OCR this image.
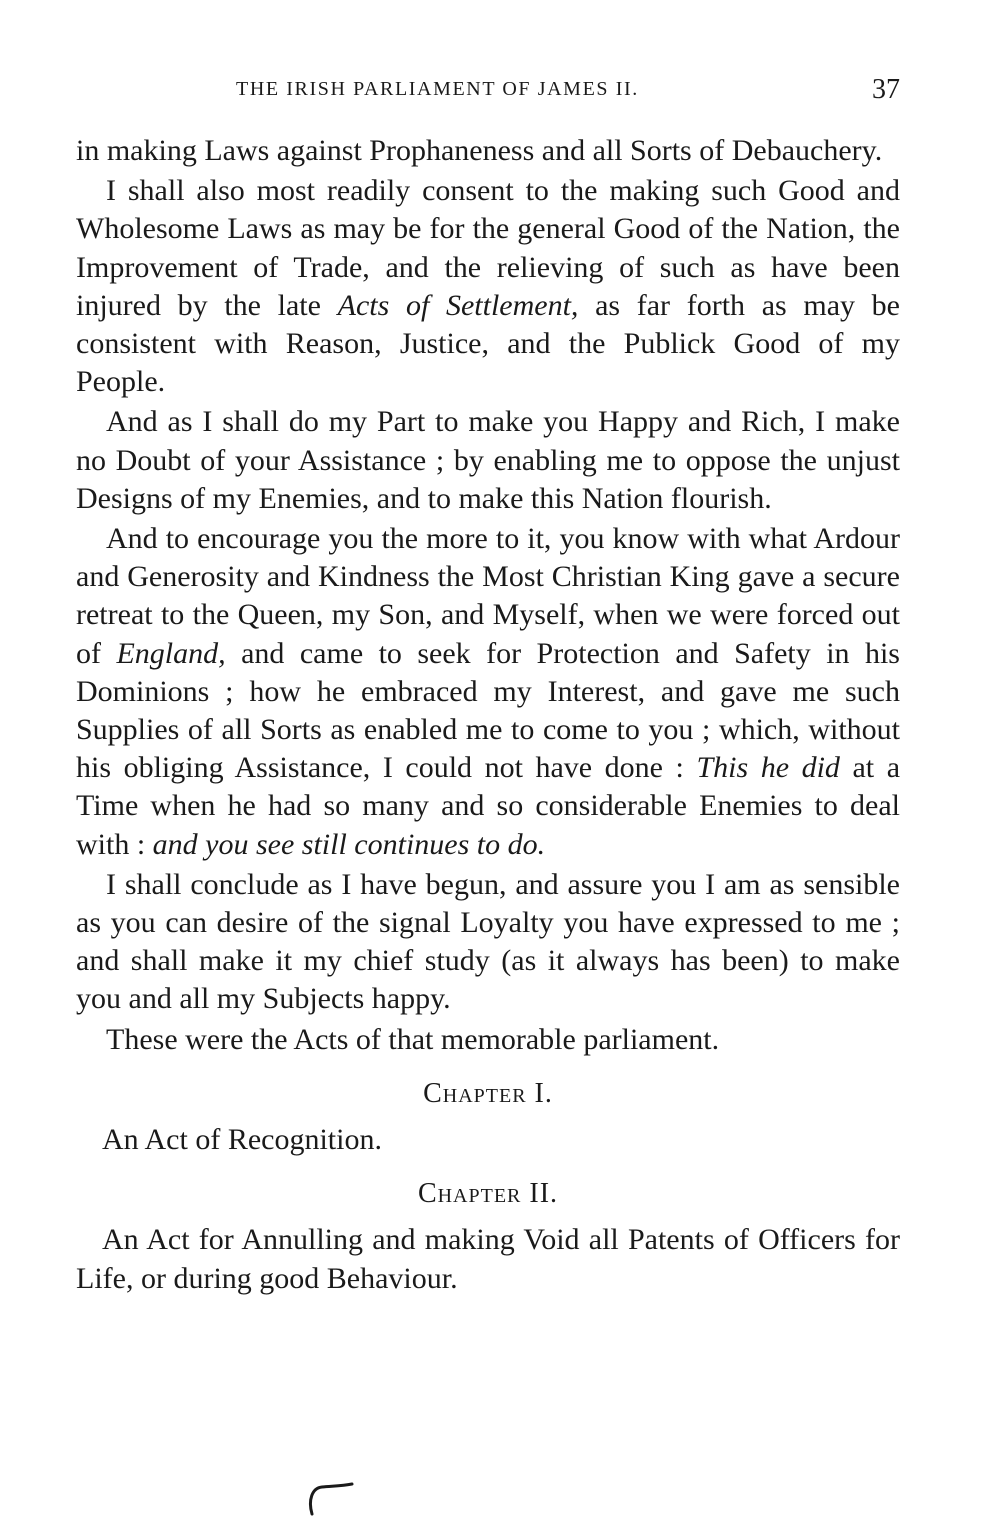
THE IRISH PARLIAMENT OF JAMES II.	37

in making Laws against Prophaneness and all Sorts of Debauchery.

I shall also most readily consent to the making such Good and Wholesome Laws as may be for the general Good of the Nation, the Improvement of Trade, and the relieving of such as have been injured by the late Acts of Settlement, as far forth as may be consistent with Reason, Justice, and the Publick Good of my People.

And as I shall do my Part to make you Happy and Rich, I make no Doubt of your Assistance ; by enabling me to oppose the unjust Designs of my Enemies, and to make this Nation flourish.

And to encourage you the more to it, you know with what Ardour and Generosity and Kindness the Most Christian King gave a secure retreat to the Queen, my Son, and Myself, when we were forced out of England, and came to seek for Protection and Safety in his Dominions ; how he embraced my Interest, and gave me such Supplies of all Sorts as enabled me to come to you ; which, without his obliging Assistance, I could not have done : This he did at a Time when he had so many and so considerable Enemies to deal with : and you see still continues to do.

I shall conclude as I have begun, and assure you I am as sensible as you can desire of the signal Loyalty you have expressed to me ; and shall make it my chief study (as it always has been) to make you and all my Subjects happy.

These were the Acts of that memorable parliament.

Chapter I.

An Act of Recognition.

Chapter II.

An Act for Annulling and making Void all Patents of Officers for Life, or during good Behaviour.
